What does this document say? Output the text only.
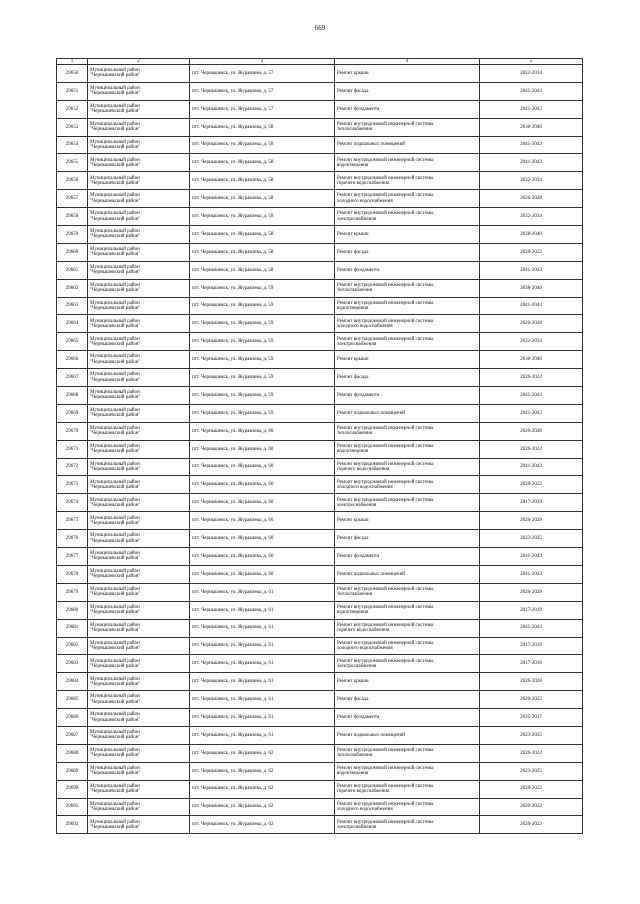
669
1	2	3	4	5
29650	Муниципальный район
"Чернышевский район"	пгт. Чернышевск, ул. Журавлева, д. 57	Ремонт крыши	2032-2034
29651	Муниципальный район
"Чернышевский район"	пгт. Чернышевск, ул. Журавлева, д. 57	Ремонт фасада	2041-2043
29652	Муниципальный район
"Чернышевский район"	пгт. Чернышевск, ул. Журавлева, д. 57	Ремонт фундамента	2041-2043
29653	Муниципальный район
"Чернышевский район"	пгт. Чернышевск, ул. Журавлева, д. 58	Ремонт внутридомовой инженерной системы
теплоснабжения	2038-2040
29654	Муниципальный район
"Чернышевский район"	пгт. Чернышевск, ул. Журавлева, д. 58	Ремонт подвальных помещений	2041-2043
29655	Муниципальный район
"Чернышевский район"	пгт. Чернышевск, ул. Журавлева, д. 58	Ремонт внутридомовой инженерной системы
водоотведения	2041-2043
29656	Муниципальный район
"Чернышевский район"	пгт. Чернышевск, ул. Журавлева, д. 58	Ремонт внутридомовой инженерной системы
горячего водоснабжения	2032-2034
29657	Муниципальный район
"Чернышевский район"	пгт. Чернышевск, ул. Журавлева, д. 58	Ремонт внутридомовой инженерной системы
холодного водоснабжения	2026-2028
29658	Муниципальный район
"Чернышевский район"	пгт. Чернышевск, ул. Журавлева, д. 58	Ремонт внутридомовой инженерной системы
электроснабжения	2032-2034
29659	Муниципальный район
"Чернышевский район"	пгт. Чернышевск, ул. Журавлева, д. 58	Ремонт крыши	2038-2040
29660	Муниципальный район
"Чернышевский район"	пгт. Чернышевск, ул. Журавлева, д. 58	Ремонт фасада	2020-2022
29661	Муниципальный район
"Чернышевский район"	пгт. Чернышевск, ул. Журавлева, д. 58	Ремонт фундамента	2041-2043
29662	Муниципальный район
"Чернышевский район"	пгт. Чернышевск, ул. Журавлева, д. 59	Ремонт внутридомовой инженерной системы
теплоснабжения	2038-2040
29663	Муниципальный район
"Чернышевский район"	пгт. Чернышевск, ул. Журавлева, д. 59	Ремонт внутридомовой инженерной системы
водоотведения	2041-2043
29664	Муниципальный район
"Чернышевский район"	пгт. Чернышевск, ул. Журавлева, д. 59	Ремонт внутридомовой инженерной системы
холодного водоснабжения	2026-2028
29665	Муниципальный район
"Чернышевский район"	пгт. Чернышевск, ул. Журавлева, д. 59	Ремонт внутридомовой инженерной системы
электроснабжения	2032-2034
29666	Муниципальный район
"Чернышевский район"	пгт. Чернышевск, ул. Журавлева, д. 59	Ремонт крыши	2038-2040
29667	Муниципальный район
"Чернышевский район"	пгт. Чернышевск, ул. Журавлева, д. 59	Ремонт фасада	2020-2022
29668	Муниципальный район
"Чернышевский район"	пгт. Чернышевск, ул. Журавлева, д. 59	Ремонт фундамента	2041-2043
29669	Муниципальный район
"Чернышевский район"	пгт. Чернышевск, ул. Журавлева, д. 59	Ремонт подвальных помещений	2041-2043
29670	Муниципальный район
"Чернышевский район"	пгт. Чернышевск, ул. Журавлева, д. 60	Ремонт внутридомовой инженерной системы
теплоснабжения	2026-2028
29671	Муниципальный район
"Чернышевский район"	пгт. Чернышевск, ул. Журавлева, д. 60	Ремонт внутридомовой инженерной системы
водоотведения	2020-2022
29672	Муниципальный район
"Чернышевский район"	пгт. Чернышевск, ул. Журавлева, д. 60	Ремонт внутридомовой инженерной системы
горячего водоснабжения	2041-2043
29673	Муниципальный район
"Чернышевский район"	пгт. Чернышевск, ул. Журавлева, д. 60	Ремонт внутридомовой инженерной системы
холодного водоснабжения	2020-2022
29674	Муниципальный район
"Чернышевский район"	пгт. Чернышевск, ул. Журавлева, д. 60	Ремонт внутридомовой инженерной системы
электроснабжения	2017-2019
29675	Муниципальный район
"Чернышевский район"	пгт. Чернышевск, ул. Журавлева, д. 60	Ремонт крыши	2026-2028
29676	Муниципальный район
"Чернышевский район"	пгт. Чернышевск, ул. Журавлева, д. 60	Ремонт фасада	2023-2025
29677	Муниципальный район
"Чернышевский район"	пгт. Чернышевск, ул. Журавлева, д. 60	Ремонт фундамента	2041-2043
29678	Муниципальный район
"Чернышевский район"	пгт. Чернышевск, ул. Журавлева, д. 60	Ремонт подвальных помещений	2041-2043
29679	Муниципальный район
"Чернышевский район"	пгт. Чернышевск, ул. Журавлева, д. 61	Ремонт внутридомовой инженерной системы
теплоснабжения	2026-2028
29680	Муниципальный район
"Чернышевский район"	пгт. Чернышевск, ул. Журавлева, д. 61	Ремонт внутридомовой инженерной системы
водоотведения	2017-2019
29681	Муниципальный район
"Чернышевский район"	пгт. Чернышевск, ул. Журавлева, д. 61	Ремонт внутридомовой инженерной системы
горячего водоснабжения	2041-2043
29682	Муниципальный район
"Чернышевский район"	пгт. Чернышевск, ул. Журавлева, д. 61	Ремонт внутридомовой инженерной системы
холодного водоснабжения	2017-2019
29683	Муниципальный район
"Чернышевский район"	пгт. Чернышевск, ул. Журавлева, д. 61	Ремонт внутридомовой инженерной системы
электроснабжения	2017-2019
29684	Муниципальный район
"Чернышевский район"	пгт. Чернышевск, ул. Журавлева, д. 61	Ремонт крыши	2026-2028
29685	Муниципальный район
"Чернышевский район"	пгт. Чернышевск, ул. Журавлева, д. 61	Ремонт фасада	2020-2022
29686	Муниципальный район
"Чернышевский район"	пгт. Чернышевск, ул. Журавлева, д. 61	Ремонт фундамента	2035-2037
29687	Муниципальный район
"Чернышевский район"	пгт. Чернышевск, ул. Журавлева, д. 61	Ремонт подвальных помещений	2023-2025
29688	Муниципальный район
"Чернышевский район"	пгт. Чернышевск, ул. Журавлева, д. 62	Ремонт внутридомовой инженерной системы
теплоснабжения	2020-2022
29689	Муниципальный район
"Чернышевский район"	пгт. Чернышевск, ул. Журавлева, д. 62	Ремонт внутридомовой инженерной системы
водоотведения	2023-2025
29690	Муниципальный район
"Чернышевский район"	пгт. Чернышевск, ул. Журавлева, д. 62	Ремонт внутридомовой инженерной системы
горячего водоснабжения	2020-2022
29691	Муниципальный район
"Чернышевский район"	пгт. Чернышевск, ул. Журавлева, д. 62	Ремонт внутридомовой инженерной системы
холодного водоснабжения	2020-2022
29692	Муниципальный район
"Чернышевский район"	пгт. Чернышевск, ул. Журавлева, д. 62	Ремонт внутридомовой инженерной системы
электроснабжения	2020-2022
